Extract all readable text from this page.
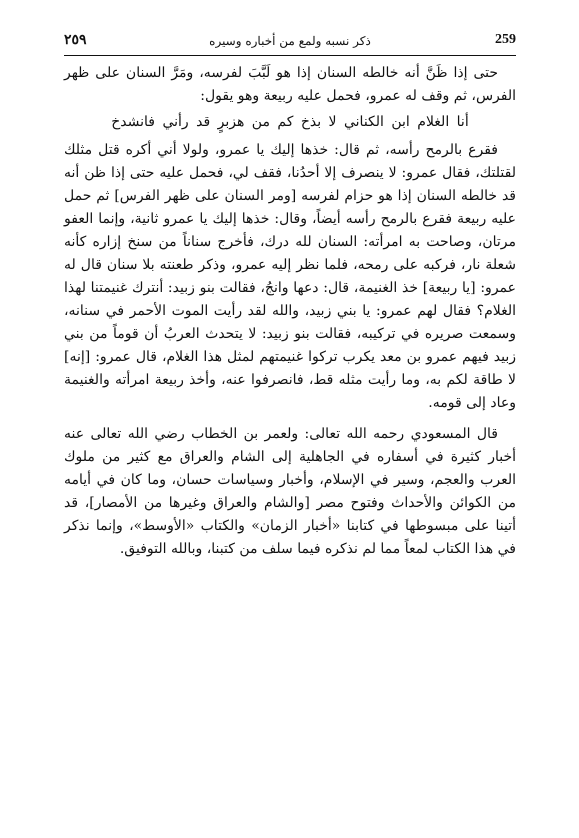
٢٥٩	ذكر نسبه ولمع من أخباره وسيره	259

حتى إذا ظَنَّ أنه خالطه السنان إذا هو لَبَّبَ لفرسه، ومَرَّ السنان على ظهر الفرس، ثم وقف له عمرو، فحمل عليه ربيعة وهو يقول:

أنا الغلام ابن الكناني لا بذخ كم من هزبرٍ قد رأني فانشدخ

فقرع بالرمح رأسه، ثم قال: خذها إليك يا عمرو، ولولا أني أكره قتل مثلك لقتلتك، فقال عمرو: لا ينصرف إلا أحدُنا، فقف لي، فحمل عليه حتى إذا ظن أنه قد خالطه السنان إذا هو حزام لفرسه [ومر السنان على ظهر الفرس] ثم حمل عليه ربيعة فقرع بالرمح رأسه أيضاً، وقال: خذها إليك يا عمرو ثانية، وإنما العفو مرتان، وصاحت به امرأته: السنان لله درك، فأخرج سناناً من سنخ إزاره كأنه شعلة نار، فركبه على رمحه، فلما نظر إليه عمرو، وذكر طعنته بلا سنان قال له عمرو: [يا ربيعة] خذ الغنيمة، قال: دعها وانجُ، فقالت بنو زبيد: أنترك غنيمتنا لهذا الغلام؟ فقال لهم عمرو: يا بني زبيد، والله لقد رأيت الموت الأحمر في سنانه، وسمعت صريره في تركيبه، فقالت بنو زبيد: لا يتحدث العربُ أن قوماً من بني زبيد فيهم عمرو بن معد يكرب تركوا غنيمتهم لمثل هذا الغلام، قال عمرو: [إنه] لا طاقة لكم به، وما رأيت مثله قط، فانصرفوا عنه، وأخذ ربيعة امرأته والغنيمة وعاد إلى قومه.

قال المسعودي رحمه الله تعالى: ولعمر بن الخطاب رضي الله تعالى عنه أخبار كثيرة في أسفاره في الجاهلية إلى الشام والعراق مع كثير من ملوك العرب والعجم، وسير في الإسلام، وأخبار وسياسات حسان، وما كان في أيامه من الكوائن والأحداث وفتوح مصر [والشام والعراق وغيرها من الأمصار]، قد أتينا على مبسوطها في كتابنا «أخبار الزمان» والكتاب «الأوسط»، وإنما نذكر في هذا الكتاب لمعاً مما لم نذكره فيما سلف من كتبنا، وبالله التوفيق.
